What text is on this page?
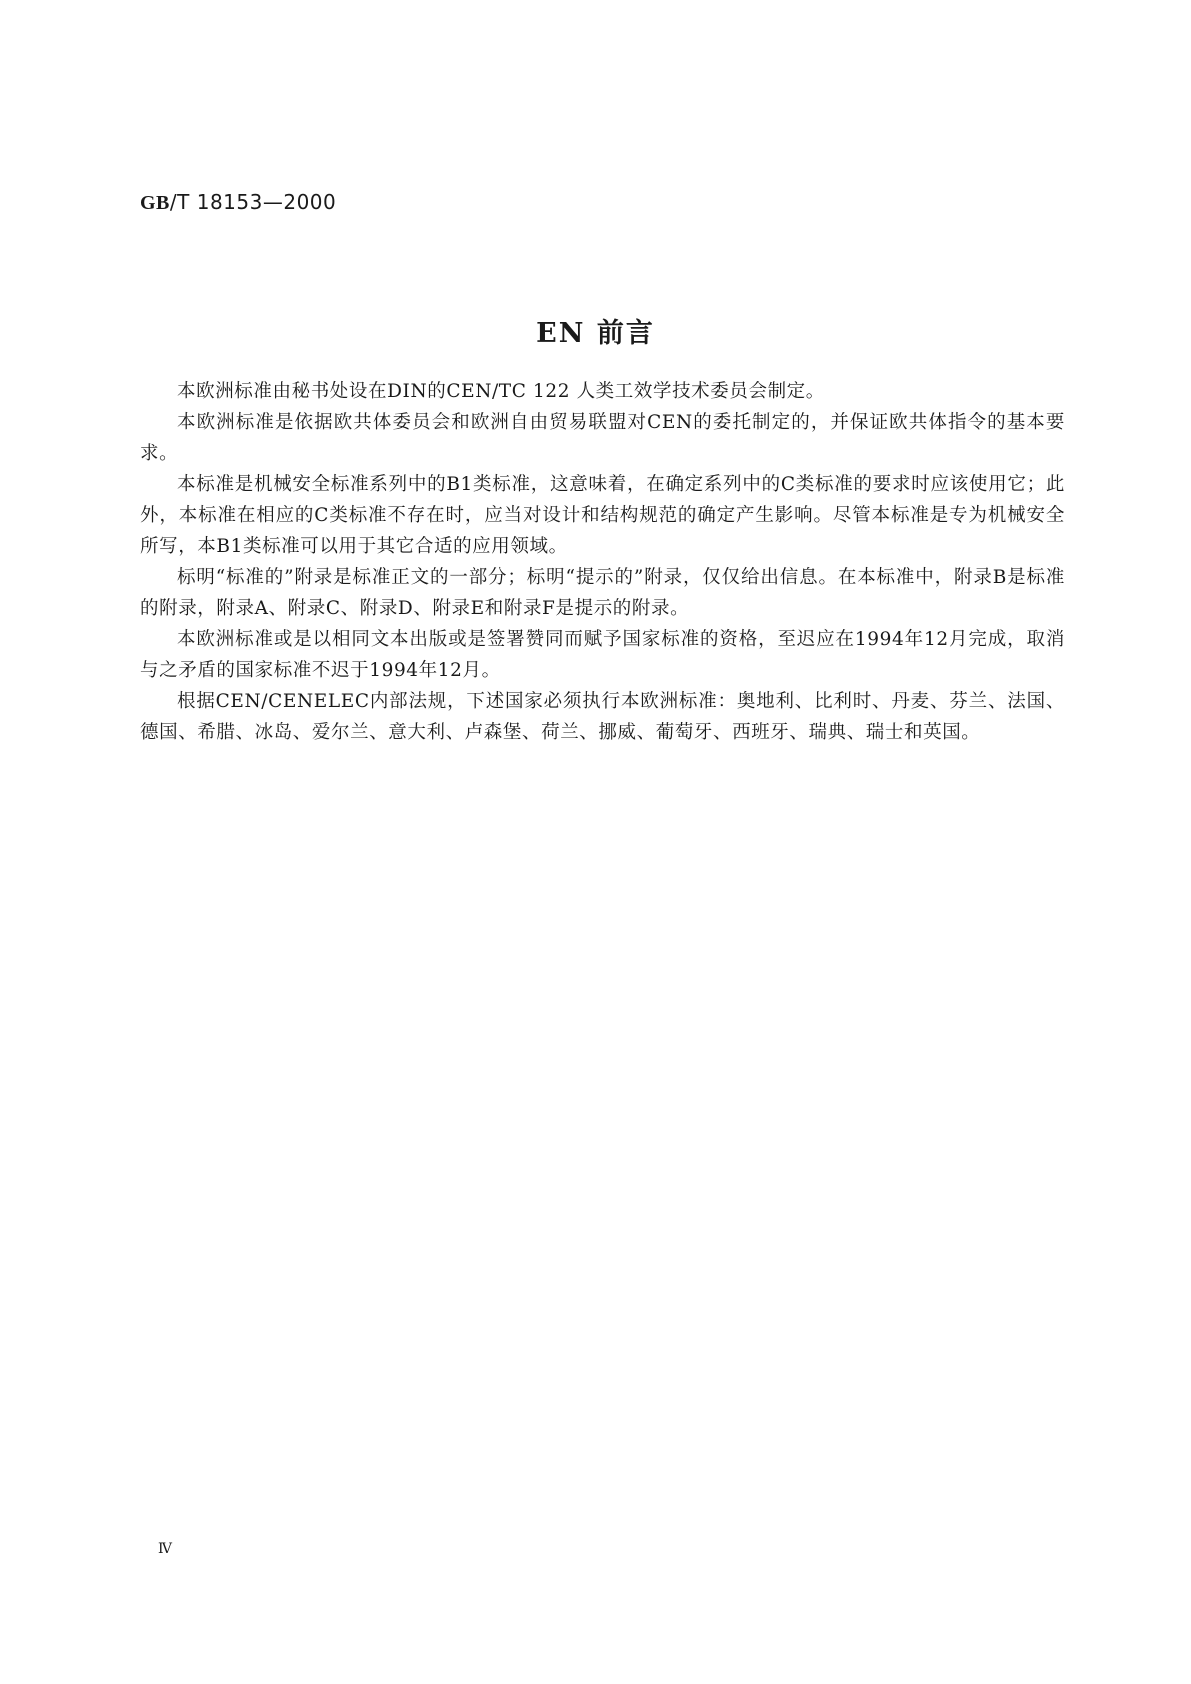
GB/T 18153—2000
EN 前言

本欧洲标准由秘书处设在DIN的CEN/TC 122 人类工效学技术委员会制定。

本欧洲标准是依据欧共体委员会和欧洲自由贸易联盟对CEN的委托制定的，并保证欧共体指令的基本要求。

本标准是机械安全标准系列中的B1类标准，这意味着，在确定系列中的C类标准的要求时应该使用它；此外，本标准在相应的C类标准不存在时，应当对设计和结构规范的确定产生影响。尽管本标准是专为机械安全所写，本B1类标准可以用于其它合适的应用领域。

标明“标准的”附录是标准正文的一部分；标明“提示的”附录，仅仅给出信息。在本标准中，附录B是标准的附录，附录A、附录C、附录D、附录E和附录F是提示的附录。

本欧洲标准或是以相同文本出版或是签署赞同而赋予国家标准的资格，至迟应在1994年12月完成，取消与之矛盾的国家标准不迟于1994年12月。

根据CEN/CENELEC内部法规，下述国家必须执行本欧洲标准：奥地利、比利时、丹麦、芬兰、法国、德国、希腊、冰岛、爱尔兰、意大利、卢森堡、荷兰、挪威、葡萄牙、西班牙、瑞典、瑞士和英国。

Ⅳ
